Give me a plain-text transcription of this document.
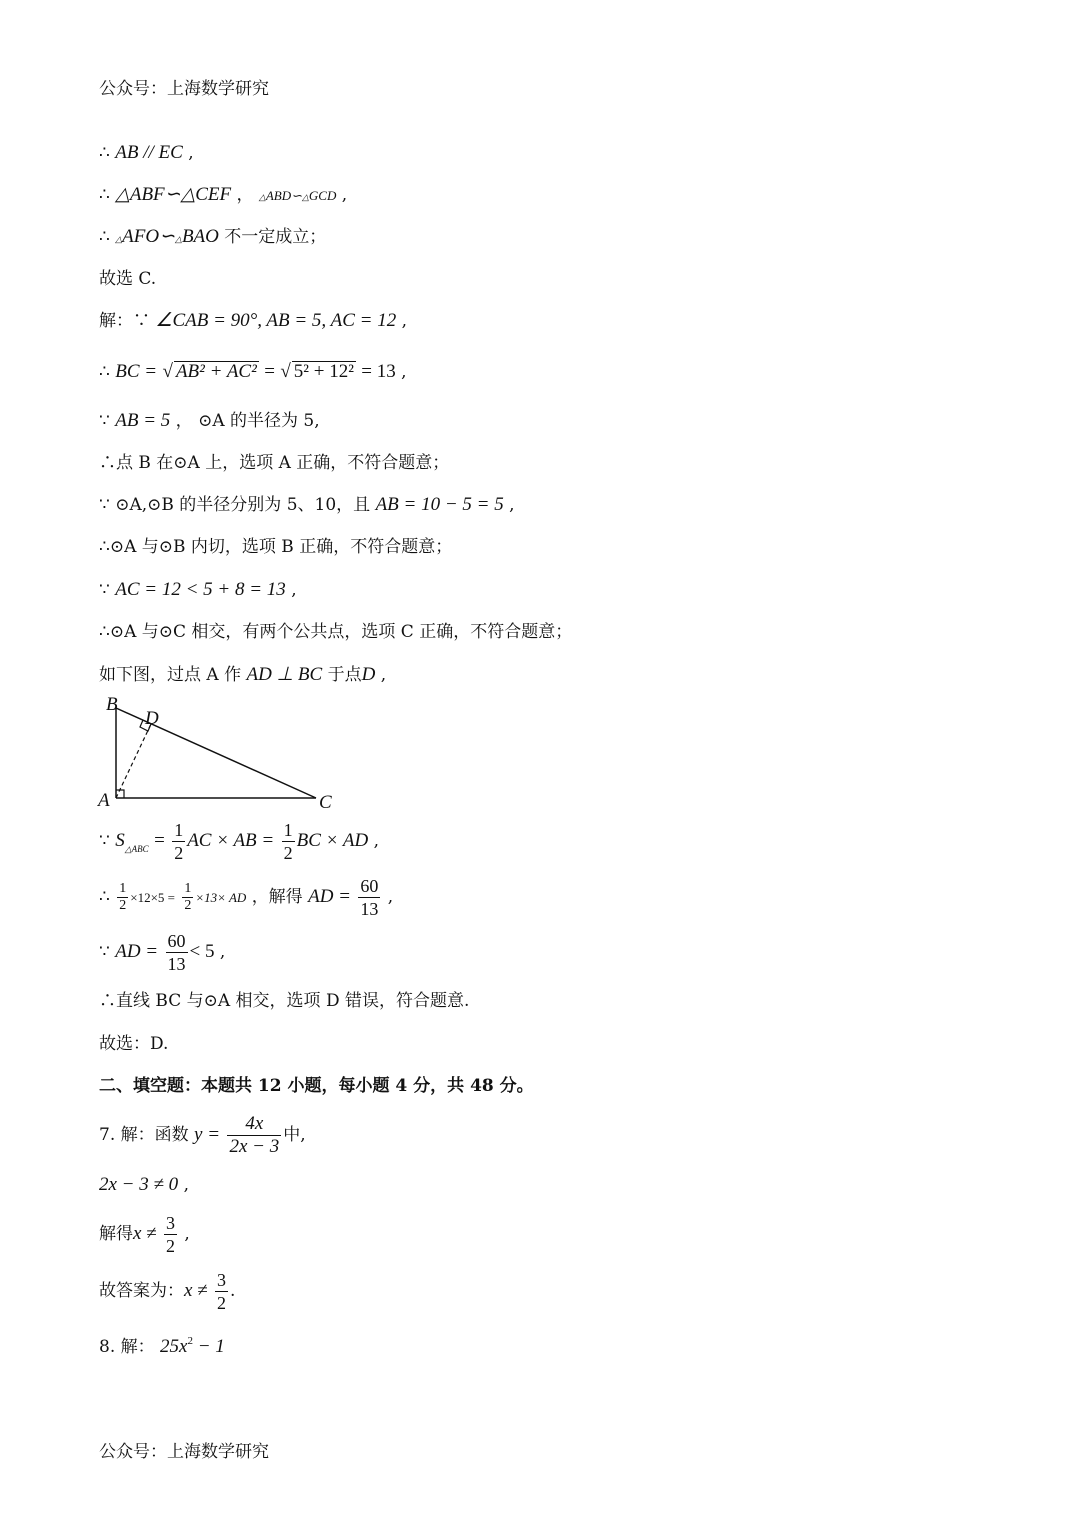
公众号：上海数学研究
∴ AB // EC ,
∴ △ABF∽△CEF ， △ABD∽△GCD ,
∴ △AFO∽△BAO 不一定成立；
故选 C.
解：∵ ∠CAB = 90°, AB = 5, AC = 12 ,
∴ BC = √ AB² + AC² = √ 5² + 12² = 13 ,
∵ AB = 5 ， ⊙A 的半径为 5,
∴点 B 在⊙A 上，选项 A 正确，不符合题意；
∵ ⊙A,⊙B 的半径分别为 5、10，且 AB = 10 − 5 = 5 ,
∴⊙A 与⊙B 内切，选项 B 正确，不符合题意；
∵ AC = 12 < 5 + 8 = 13 ,
∴⊙A 与⊙C 相交，有两个公共点，选项 C 正确，不符合题意；
如下图，过点 A 作 AD ⊥ BC 于点D ,
B
D
A	C
∵ $S_{\triangle ABC} = \frac{1}{2}$ AC × AB = $\frac{1}{2}$ BC × AD ,
∴ $\frac{1}{2} \times 12\times 5 = \frac{1}{2} \times 13\times$ AD ，解得 AD = $\frac{60}{13}$ ,
∵ AD = $\frac{60}{13} < 5$ ,
∴直线 BC 与⊙A 相交，选项 D 错误，符合题意.
故选：D.
二、填空题：本题共 12 小题，每小题 4 分，共 48 分。
7. 解：函数 $y = \frac{4x}{2x - 3}$ 中,
2x − 3 ≠ 0 ,
解得$x \ne \frac{3}{2}$ ,
故答案为：$x \ne \frac{3}{2}$ .
8. 解： $25x^2 - 1$
公众号：上海数学研究
